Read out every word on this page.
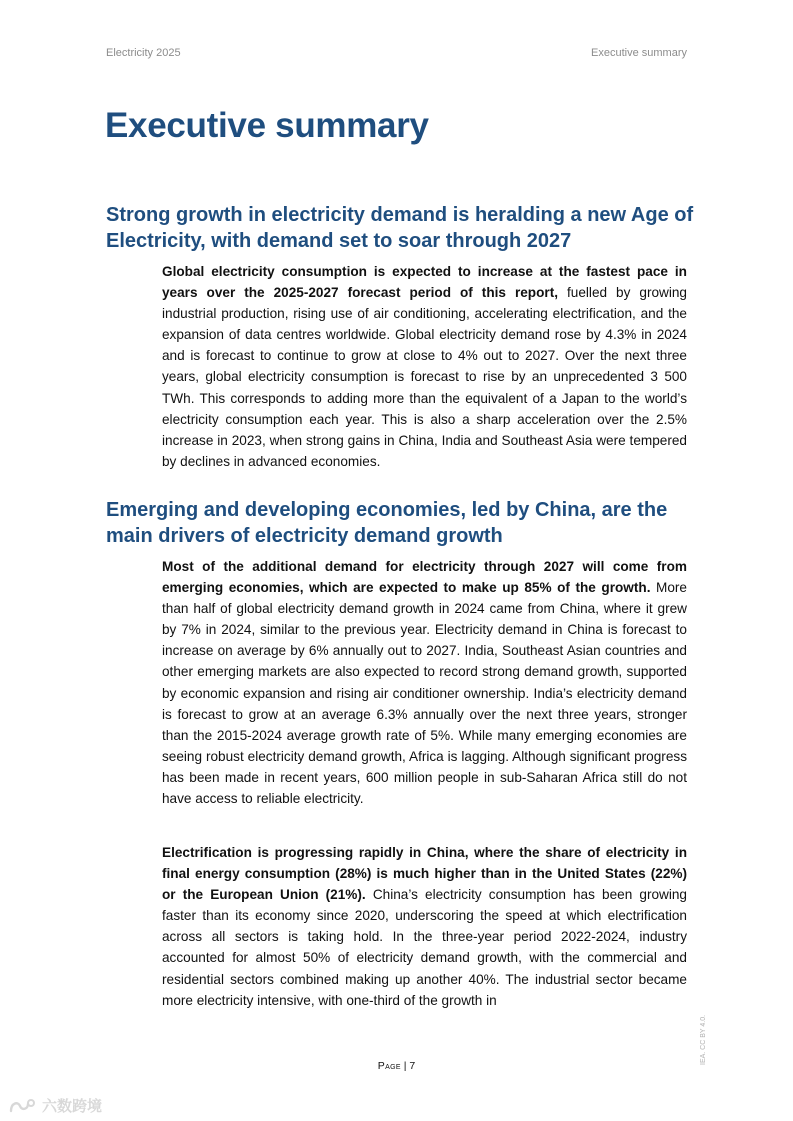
Electricity 2025	Executive summary
Executive summary
Strong growth in electricity demand is heralding a new Age of Electricity, with demand set to soar through 2027

Global electricity consumption is expected to increase at the fastest pace in years over the 2025-2027 forecast period of this report, fuelled by growing industrial production, rising use of air conditioning, accelerating electrification, and the expansion of data centres worldwide. Global electricity demand rose by 4.3% in 2024 and is forecast to continue to grow at close to 4% out to 2027. Over the next three years, global electricity consumption is forecast to rise by an unprecedented 3 500 TWh. This corresponds to adding more than the equivalent of a Japan to the world’s electricity consumption each year. This is also a sharp acceleration over the 2.5% increase in 2023, when strong gains in China, India and Southeast Asia were tempered by declines in advanced economies.

Emerging and developing economies, led by China, are the main drivers of electricity demand growth

Most of the additional demand for electricity through 2027 will come from emerging economies, which are expected to make up 85% of the growth. More than half of global electricity demand growth in 2024 came from China, where it grew by 7% in 2024, similar to the previous year. Electricity demand in China is forecast to increase on average by 6% annually out to 2027. India, Southeast Asian countries and other emerging markets are also expected to record strong demand growth, supported by economic expansion and rising air conditioner ownership. India’s electricity demand is forecast to grow at an average 6.3% annually over the next three years, stronger than the 2015-2024 average growth rate of 5%. While many emerging economies are seeing robust electricity demand growth, Africa is lagging. Although significant progress has been made in recent years, 600 million people in sub-Saharan Africa still do not have access to reliable electricity.

Electrification is progressing rapidly in China, where the share of electricity in final energy consumption (28%) is much higher than in the United States (22%) or the European Union (21%). China’s electricity consumption has been growing faster than its economy since 2020, underscoring the speed at which electrification across all sectors is taking hold. In the three-year period 2022-2024, industry accounted for almost 50% of electricity demand growth, with the commercial and residential sectors combined making up another 40%. The industrial sector became more electricity intensive, with one-third of the growth in

Page | 7
IEA. CC BY 4.0.
六数跨境
